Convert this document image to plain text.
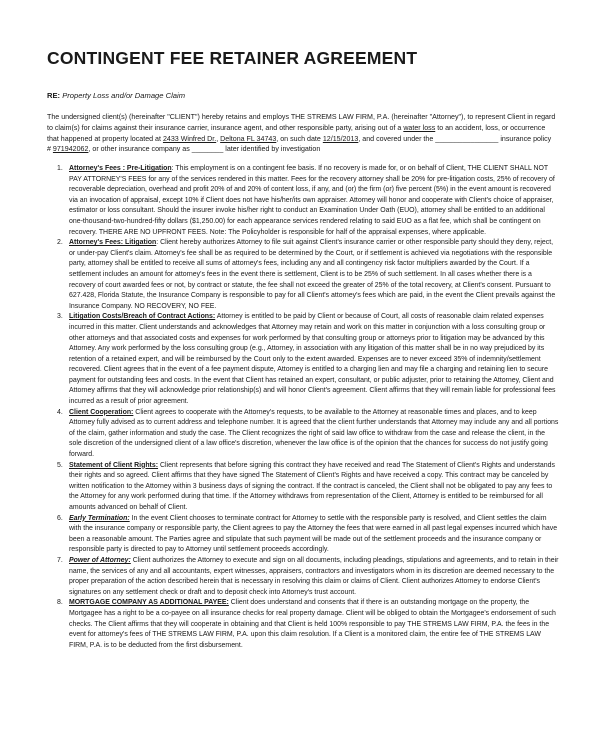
CONTINGENT FEE RETAINER AGREEMENT
RE: Property Loss and/or Damage Claim
The undersigned client(s) (hereinafter "CLIENT") hereby retains and employs THE STREMS LAW FIRM, P.A. (hereinafter "Attorney"), to represent Client in regard to claim(s) for claims against their insurance carrier, insurance agent, and other responsible party, arising out of a water loss to an accident, loss, or occurrence that happened at property located at 2433 Winfred Dr., Deltona FL 34743, on such date 12/15/2013, and covered under the ________________ insurance policy # 971942062, or other insurance company as ________ later identified by investigation
1. Attorney's Fees : Pre-Litigation: This employment is on a contingent fee basis. If no recovery is made for, or on behalf of Client, THE CLIENT SHALL NOT PAY ATTORNEY'S FEES for any of the services rendered in this matter. Fees for the recovery attorney shall be 20% for pre-litigation costs, 25% of recovery of recoverable depreciation, overhead and profit 20% of and 20% of content loss, if any, and (or) the firm (or) five percent (5%) in the event amount is recovered via an invocation of appraisal, except 10% if Client does not have his/her/its own appraiser. Attorney will honor and cooperate with Client's choice of appraiser, estimator or loss consultant. Should the insurer invoke his/her right to conduct an Examination Under Oath (EUO), attorney shall be entitled to an additional one-thousand-two-hundred-fifty dollars ($1,250.00) for each appearance services rendered relating to said EUO as a flat fee, which shall be contingent on recovery. THERE ARE NO UPFRONT FEES. Note: The Policyholder is responsible for half of the appraisal expenses, where applicable.
2. Attorney's Fees: Litigation: Client hereby authorizes Attorney to file suit against Client's insurance carrier or other responsible party should they deny, reject, or under-pay Client's claim. Attorney's fee shall be as required to be determined by the Court, or if settlement is achieved via negotiations with the responsible party, attorney shall be entitled to receive all sums of attorney's fees, including any and all contingency risk factor multipliers awarded by the Court. If a settlement includes an amount for attorney's fees in the event there is settlement, Client is to be 25% of such settlement. In all cases whether there is a recovery of court awarded fees or not, by contract or statute, the fee shall not exceed the greater of 25% of the total recovery, at Client's consent. Pursuant to 627.428, Florida Statute, the Insurance Company is responsible to pay for all Client's attorney's fees which are paid, in the event the Client prevails against the Insurance Company. NO RECOVERY, NO FEE.
3. Litigation Costs/Breach of Contract Actions: Attorney is entitled to be paid by Client or because of Court, all costs of reasonable claim related expenses incurred in this matter. Client understands and acknowledges that Attorney may retain and work on this matter in conjunction with a loss consulting group or other attorneys and that associated costs and expenses for work performed by that consulting group or attorneys prior to litigation may be advanced by this Attorney. Any work performed by the loss consulting group (e.g., Attorney, in association with any litigation of this matter shall be in no way prejudiced by its retention of a retained expert, and will be reimbursed by the Court only to the extent awarded. Expenses are to never exceed 35% of indemnity/settlement recovered. Client agrees that in the event of a fee payment dispute, Attorney is entitled to a charging lien and may file a charging and retaining lien to secure payment for outstanding fees and costs. In the event that Client has retained an expert, consultant, or public adjuster, prior to retaining the Attorney, Client and Attorney affirms that they will acknowledge prior relationship(s) and will honor Client's agreement. Client affirms that they will remain liable for professional fees incurred as a result of prior agreement.
4. Client Cooperation: Client agrees to cooperate with the Attorney's requests, to be available to the Attorney at reasonable times and places, and to keep Attorney fully advised as to current address and telephone number. It is agreed that the client further understands that Attorney may include any and all portions of the claim, gather information and study the case. The Client recognizes the right of said law office to withdraw from the case and release the client, in the sole discretion of the undersigned client of a law office's discretion, whenever the law office is of the opinion that the chances for success do not justify going forward.
5. Statement of Client Rights: Client represents that before signing this contract they have received and read The Statement of Client's Rights and understands their rights and so agreed. Client affirms that they have signed The Statement of Client's Rights and have received a copy. This contract may be canceled by written notification to the Attorney within 3 business days of signing the contract. If the contract is canceled, the Client shall not be obligated to pay any fees to the Attorney for any work performed during that time. If the Attorney withdraws from representation of the Client, Attorney is entitled to be reimbursed for all amounts advanced on behalf of Client.
6. Early Termination: In the event Client chooses to terminate contract for Attorney to settle with the responsible party is resolved, and Client settles the claim with the insurance company or responsible party, the Client agrees to pay the Attorney the fees that were earned in all past legal expenses incurred which have been a reasonable amount. The Parties agree and stipulate that such payment will be made out of the settlement proceeds and the insurance company or responsible party is directed to pay to Attorney until settlement proceeds accordingly.
7. Power of Attorney: Client authorizes the Attorney to execute and sign on all documents, including pleadings, stipulations and agreements, and to retain in their name, the services of any and all accountants, expert witnesses, appraisers, contractors and investigators whom in its discretion are deemed necessary to the proper preparation of the action described herein that is necessary in resolving this claim or claims of Client. Client authorizes Attorney to endorse Client's signatures on any settlement check or draft and to deposit check into Attorney's trust account.
8. MORTGAGE COMPANY AS ADDITIONAL PAYEE: Client does understand and consents that if there is an outstanding mortgage on the property, the Mortgagee has a right to be a co-payee on all insurance checks for real property damage. Client will be obliged to obtain the Mortgagee's endorsement of such checks. The Client affirms that they will cooperate in obtaining and that Client is held 100% responsible to pay THE STREMS LAW FIRM, P.A. the fees in the event for attorney's fees of THE STREMS LAW FIRM, P.A. upon this claim resolution. If a Client is a monitored claim, the entire fee of THE STREMS LAW FIRM, P.A. is to be deducted from the first disbursement.
